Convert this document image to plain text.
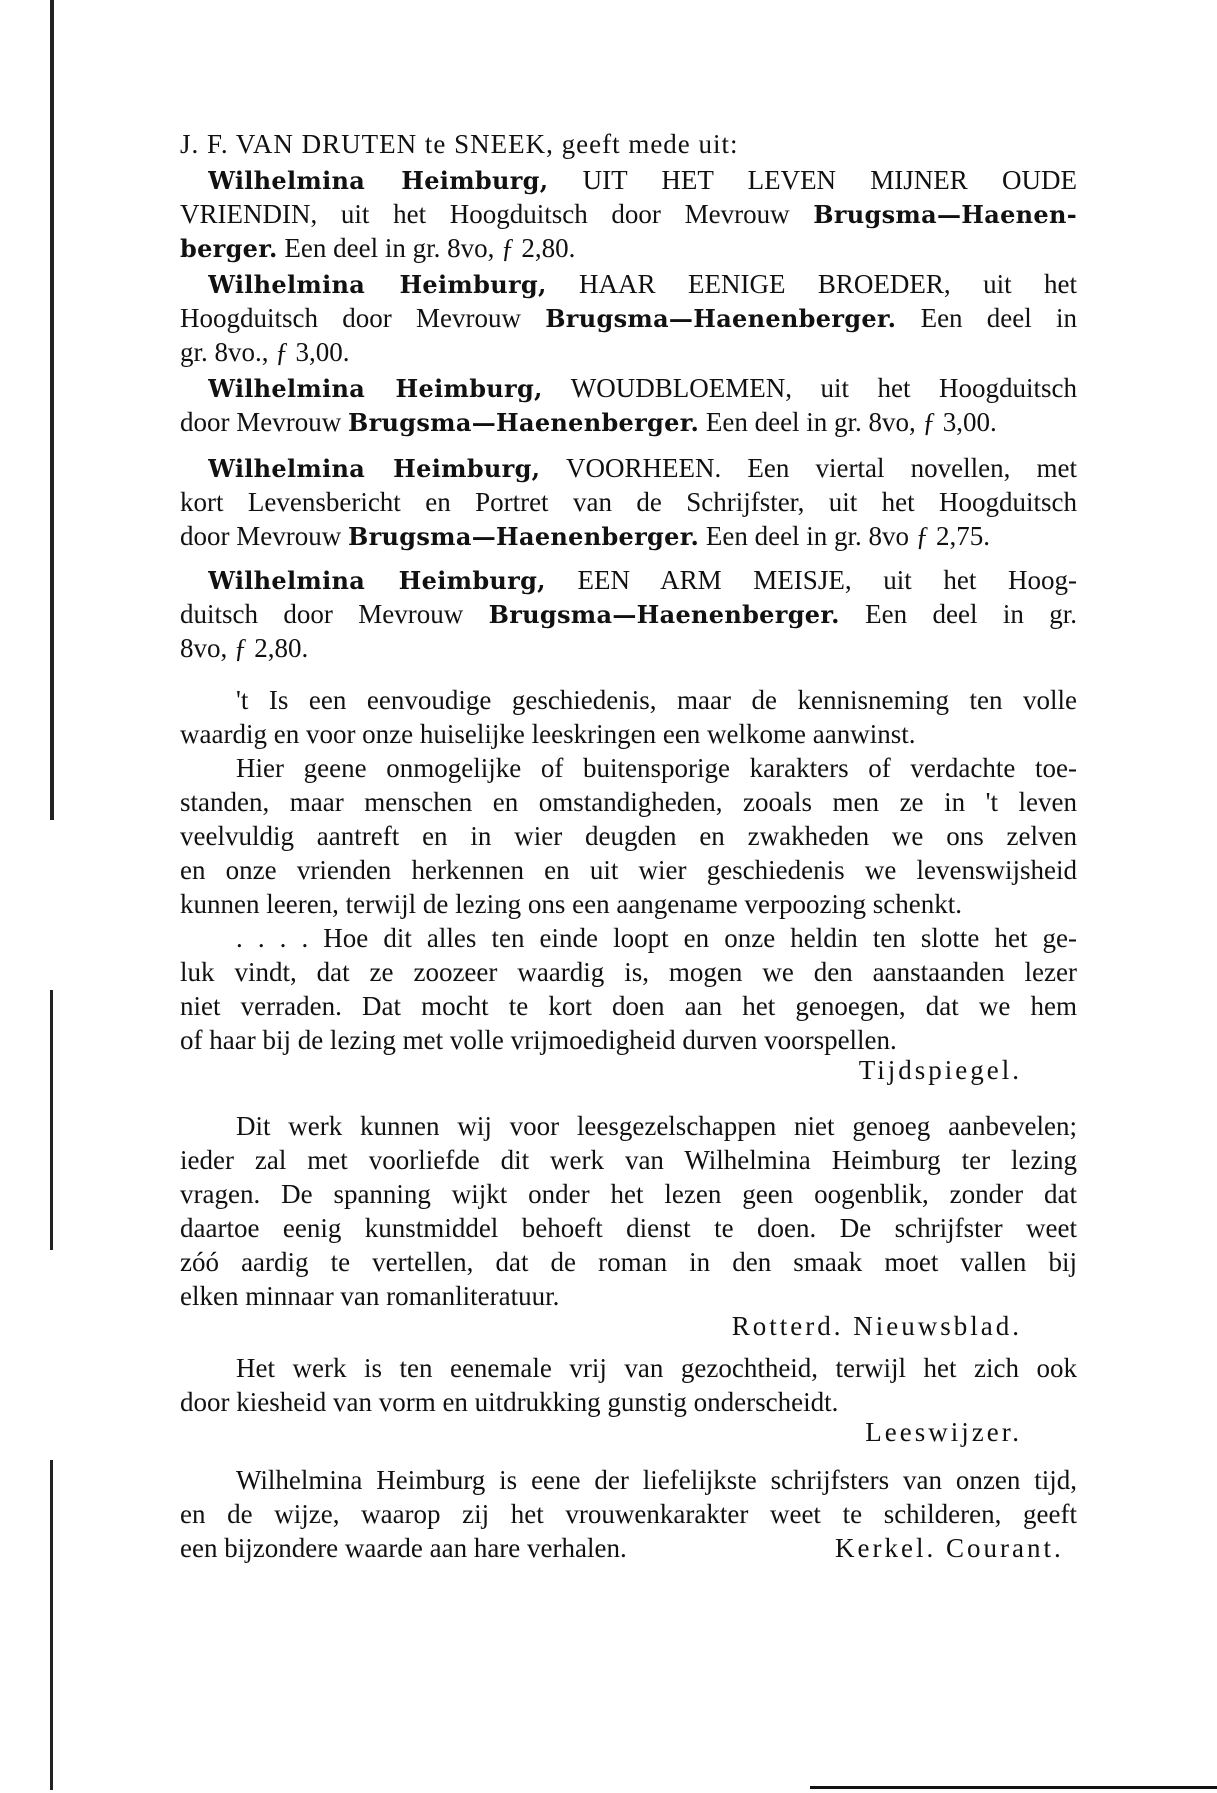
J. F. VAN DRUTEN te SNEEK, geeft mede uit:
Wilhelmina Heimburg, UIT HET LEVEN MIJNER OUDE
VRIENDIN, uit het Hoogduitsch door Mevrouw Brugsma—Haenen-
berger. Een deel in gr. 8vo, ƒ 2,80.
Wilhelmina Heimburg, HAAR EENIGE BROEDER, uit het
Hoogduitsch door Mevrouw Brugsma—Haenenberger. Een deel in
gr. 8vo., ƒ 3,00.
Wilhelmina Heimburg, WOUDBLOEMEN, uit het Hoogduitsch
door Mevrouw Brugsma—Haenenberger. Een deel in gr. 8vo, ƒ 3,00.
Wilhelmina Heimburg, VOORHEEN. Een viertal novellen, met
kort Levensbericht en Portret van de Schrijfster, uit het Hoogduitsch
door Mevrouw Brugsma—Haenenberger. Een deel in gr. 8vo ƒ 2,75.
Wilhelmina Heimburg, EEN ARM MEISJE, uit het Hoog-
duitsch door Mevrouw Brugsma—Haenenberger. Een deel in gr.
8vo, ƒ 2,80.
't Is een eenvoudige geschiedenis, maar de kennisneming ten volle
waardig en voor onze huiselijke leeskringen een welkome aanwinst.
Hier geene onmogelijke of buitensporige karakters of verdachte toe-
standen, maar menschen en omstandigheden, zooals men ze in 't leven
veelvuldig aantreft en in wier deugden en zwakheden we ons zelven
en onze vrienden herkennen en uit wier geschiedenis we levenswijsheid
kunnen leeren, terwijl de lezing ons een aangename verpoozing schenkt.
. . . . Hoe dit alles ten einde loopt en onze heldin ten slotte het ge-
luk vindt, dat ze zoozeer waardig is, mogen we den aanstaanden lezer
niet verraden. Dat mocht te kort doen aan het genoegen, dat we hem
of haar bij de lezing met volle vrijmoedigheid durven voorspellen.
Tijdspiegel.
Dit werk kunnen wij voor leesgezelschappen niet genoeg aanbevelen;
ieder zal met voorliefde dit werk van Wilhelmina Heimburg ter lezing
vragen. De spanning wijkt onder het lezen geen oogenblik, zonder dat
daartoe eenig kunstmiddel behoeft dienst te doen. De schrijfster weet
zóó aardig te vertellen, dat de roman in den smaak moet vallen bij
elken minnaar van romanliteratuur.
Rotterd. Nieuwsblad.
Het werk is ten eenemale vrij van gezochtheid, terwijl het zich ook
door kiesheid van vorm en uitdrukking gunstig onderscheidt.
Leeswijzer.
Wilhelmina Heimburg is eene der liefelijkste schrijfsters van onzen tijd,
en de wijze, waarop zij het vrouwenkarakter weet te schilderen, geeft
een bijzondere waarde aan hare verhalen.	Kerkel. Courant.
